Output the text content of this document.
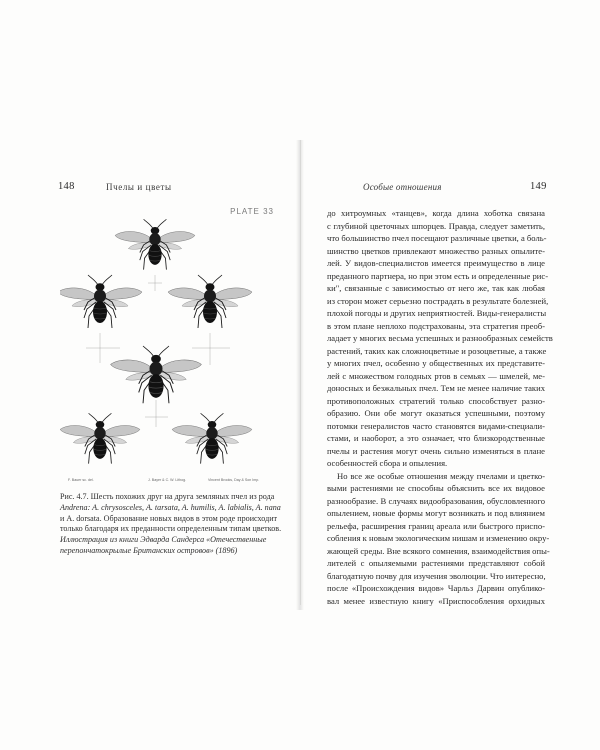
148	Пчелы и цветы	Особые отношения	149
PLATE 33
F. Bauer sc. del.	J. Bayer & C. W. Lithog.	Vincent Brooks, Day & Son Imp.
Рис. 4.7. Шесть похожих друг на друга земляных пчел из рода
Andrena: A. chrysosceles, A. tarsata, A. humilis, A. labialis, A. nana
и A. dorsata. Образование новых видов в этом роде происходит
только благодаря их преданности определенным типам цветков.
Иллюстрация из книги Эдварда Сандерса «Отечественные
перепончатокрылые Британских островов» (1896)
до хитроумных «танцев», когда длина хоботка связана
с глубиной цветочных шпорцев. Правда, следует заметить,
что большинство пчел посещают различные цветки, а боль-
шинство цветков привлекают множество разных опылите-
лей. У видов-специалистов имеется преимущество в лице
преданного партнера, но при этом есть и определенные рис-
ки", связанные с зависимостью от него же, так как любая
из сторон может серьезно пострадать в результате болезней,
плохой погоды и других неприятностей. Виды-генералисты
в этом плане неплохо подстрахованы, эта стратегия преоб-
ладает у многих весьма успешных и разнообразных семейств
растений, таких как сложноцветные и розоцветные, а также
у многих пчел, особенно у общественных их представите-
лей с множеством голодных ртов в семьях — шмелей, ме-
доносных и безжальных пчел. Тем не менее наличие таких
противоположных стратегий только способствует разно-
образию. Они обе могут оказаться успешными, поэтому
потомки генералистов часто становятся видами-специали-
стами, и наоборот, а это означает, что близкородственные
пчелы и растения могут очень сильно изменяться в плане
особенностей сбора и опыления.
Но все же особые отношения между пчелами и цветко-
выми растениями не способны объяснить все их видовое
разнообразие. В случаях видообразования, обусловленного
опылением, новые формы могут возникать и под влиянием
рельефа, расширения границ ареала или быстрого приспо-
собления к новым экологическим нишам и изменению окру-
жающей среды. Вне всякого сомнения, взаимодействия опы-
лителей с опыляемыми растениями представляют собой
благодатную почву для изучения эволюции. Что интересно,
после «Происхождения видов» Чарльз Дарвин опублико-
вал менее известную книгу «Приспособления орхидных
